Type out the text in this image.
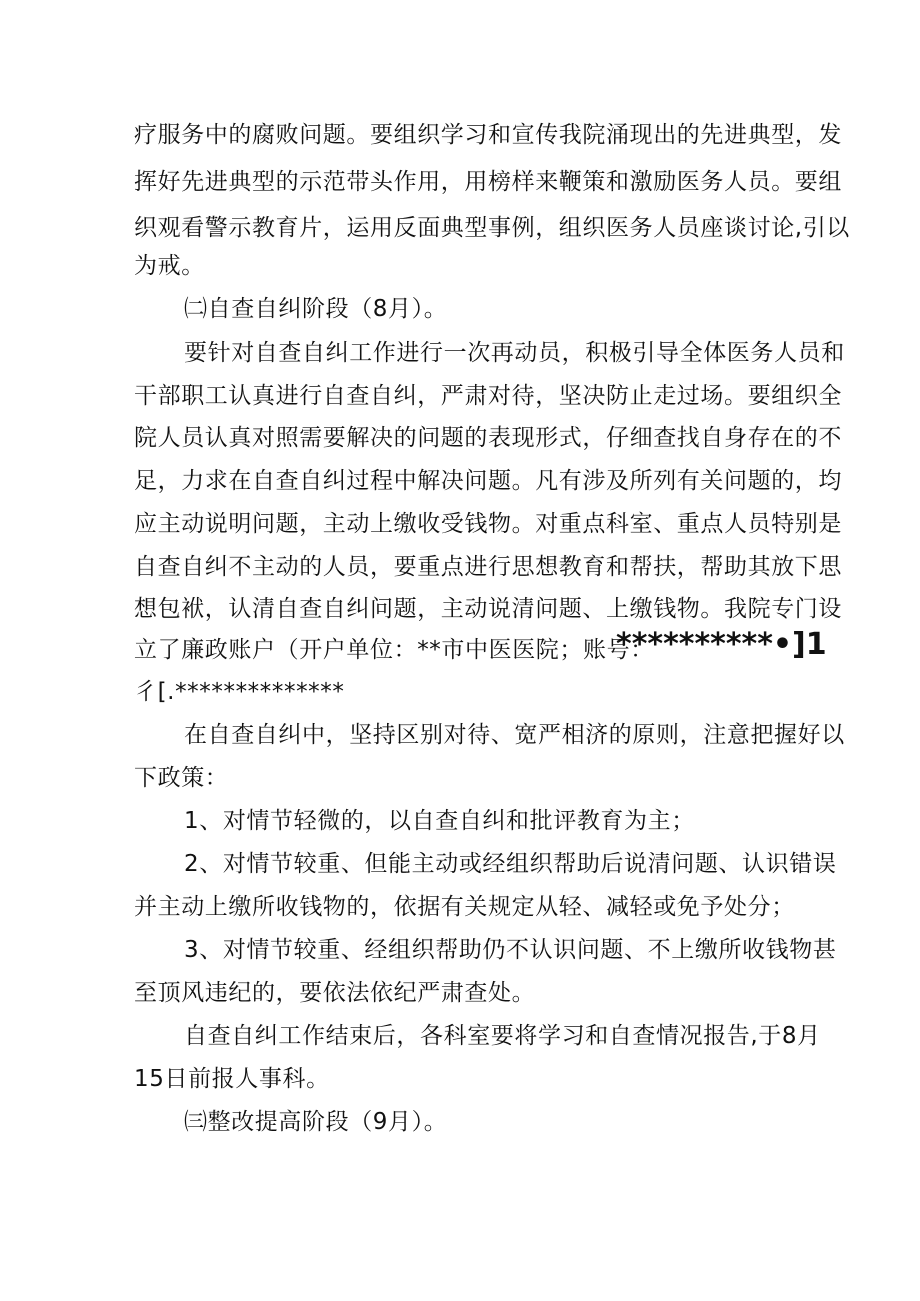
疗服务中的腐败问题。要组织学习和宣传我院涌现出的先进典型，发
挥好先进典型的示范带头作用，用榜样来鞭策和激励医务人员。要组
织观看警示教育片，运用反面典型事例，组织医务人员座谈讨论,引以
为戒。
㈡自查自纠阶段（8月）。
要针对自查自纠工作进行一次再动员，积极引导全体医务人员和
干部职工认真进行自查自纠，严肃对待，坚决防止走过场。要组织全
院人员认真对照需要解决的问题的表现形式，仔细查找自身存在的不
足，力求在自查自纠过程中解决问题。凡有涉及所列有关问题的，均
应主动说明问题，主动上缴收受钱物。对重点科室、重点人员特别是
自查自纠不主动的人员，要重点进行思想教育和帮扶，帮助其放下思
想包袱，认清自查自纠问题，主动说清问题、上缴钱物。我院专门设
立了廉政账户（开户单位：**市中医医院；账号：
**********•]1
彳[.**************
在自查自纠中，坚持区别对待、宽严相济的原则，注意把握好以
下政策：
1、对情节轻微的，以自查自纠和批评教育为主；
2、对情节较重、但能主动或经组织帮助后说清问题、认识错误
并主动上缴所收钱物的，依据有关规定从轻、减轻或免予处分；
3、对情节较重、经组织帮助仍不认识问题、不上缴所收钱物甚
至顶风违纪的，要依法依纪严肃查处。
自查自纠工作结束后，各科室要将学习和自查情况报告,于8月
15日前报人事科。
㈢整改提高阶段（9月）。
